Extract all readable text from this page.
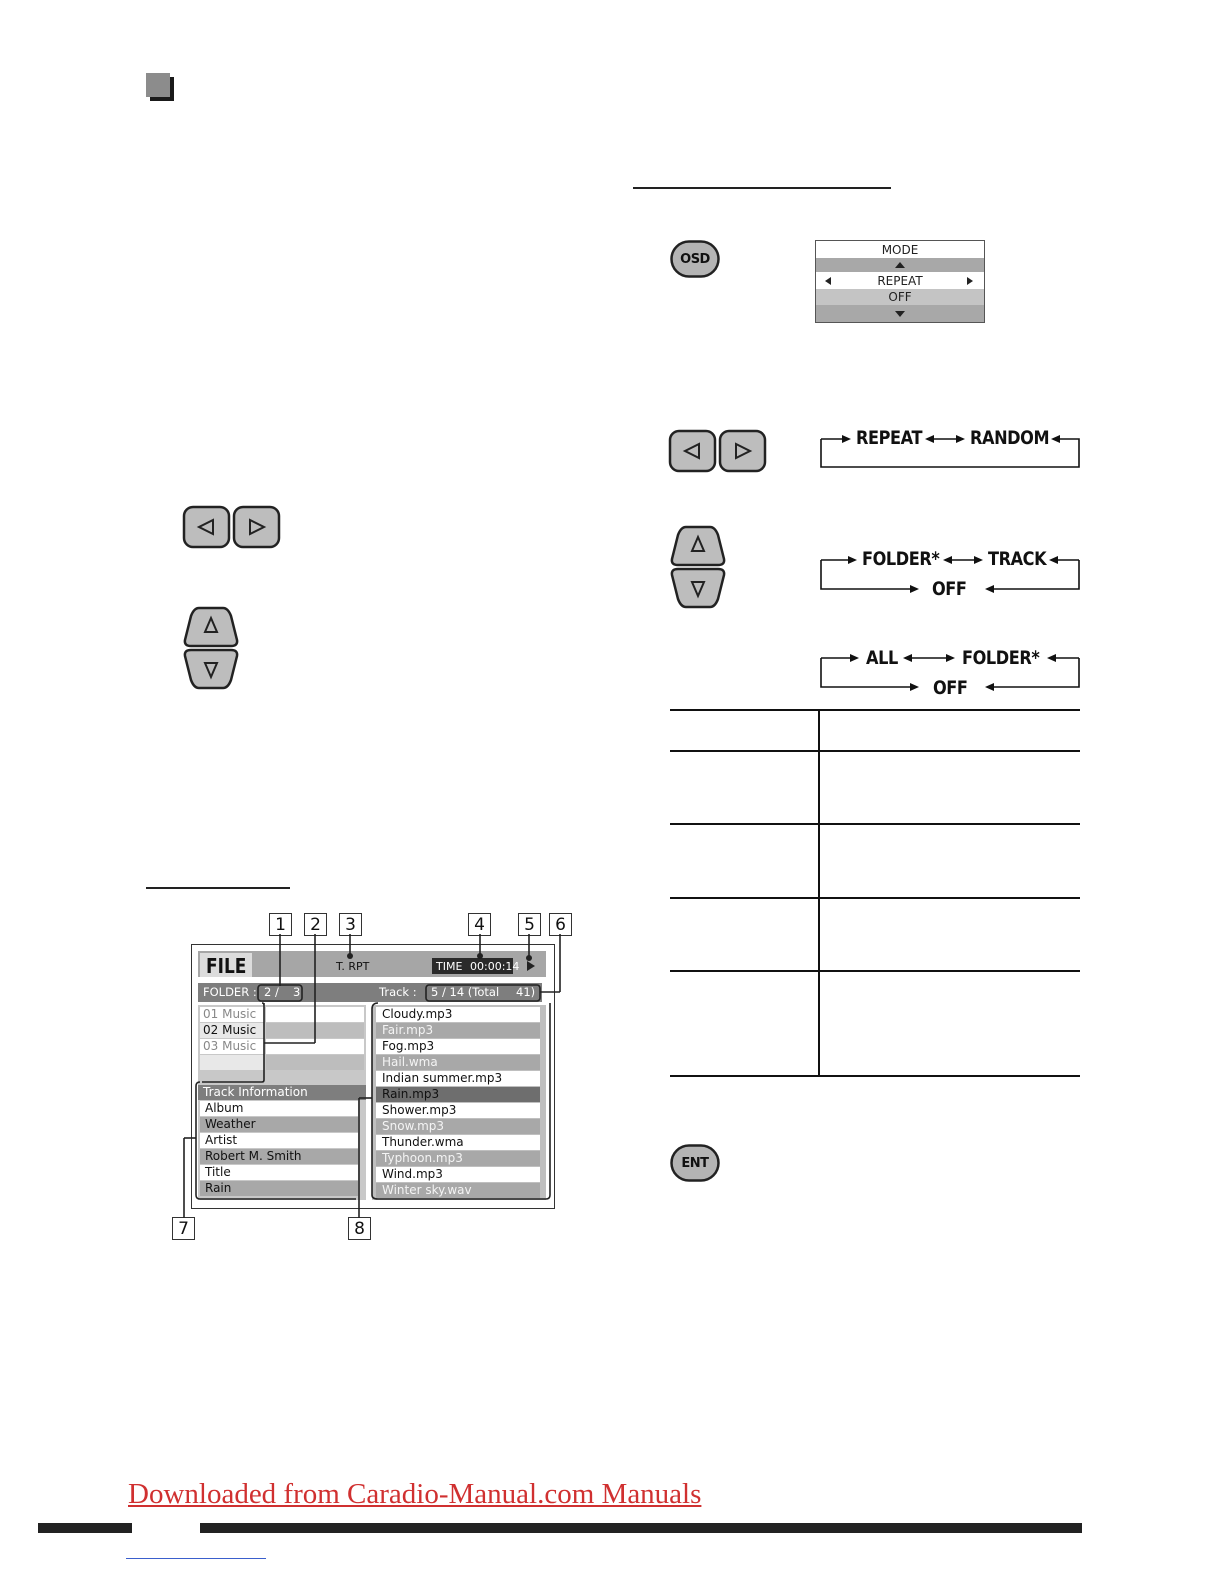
OSD
MODE
REPEAT
OFF
REPEAT	RANDOM
FOLDER*	TRACK
OFF
ALL	FOLDER*
OFF
ENT
1	2	3	4	5	6
7	8
FILE	T. RPT	TIME 00:00:14
FOLDER : 2 / 3	Track : 5 / 14 (Total 41)
01 Music
02 Music
03 Music
Track Information
Album
Weather
Artist
Robert M. Smith
Title
Rain
Cloudy.mp3
Fair.mp3
Fog.mp3
Hail.wma
Indian summer.mp3
Rain.mp3
Shower.mp3
Snow.mp3
Thunder.wma
Typhoon.mp3
Wind.mp3
Winter sky.wav
Downloaded from Caradio-Manual.com Manuals
